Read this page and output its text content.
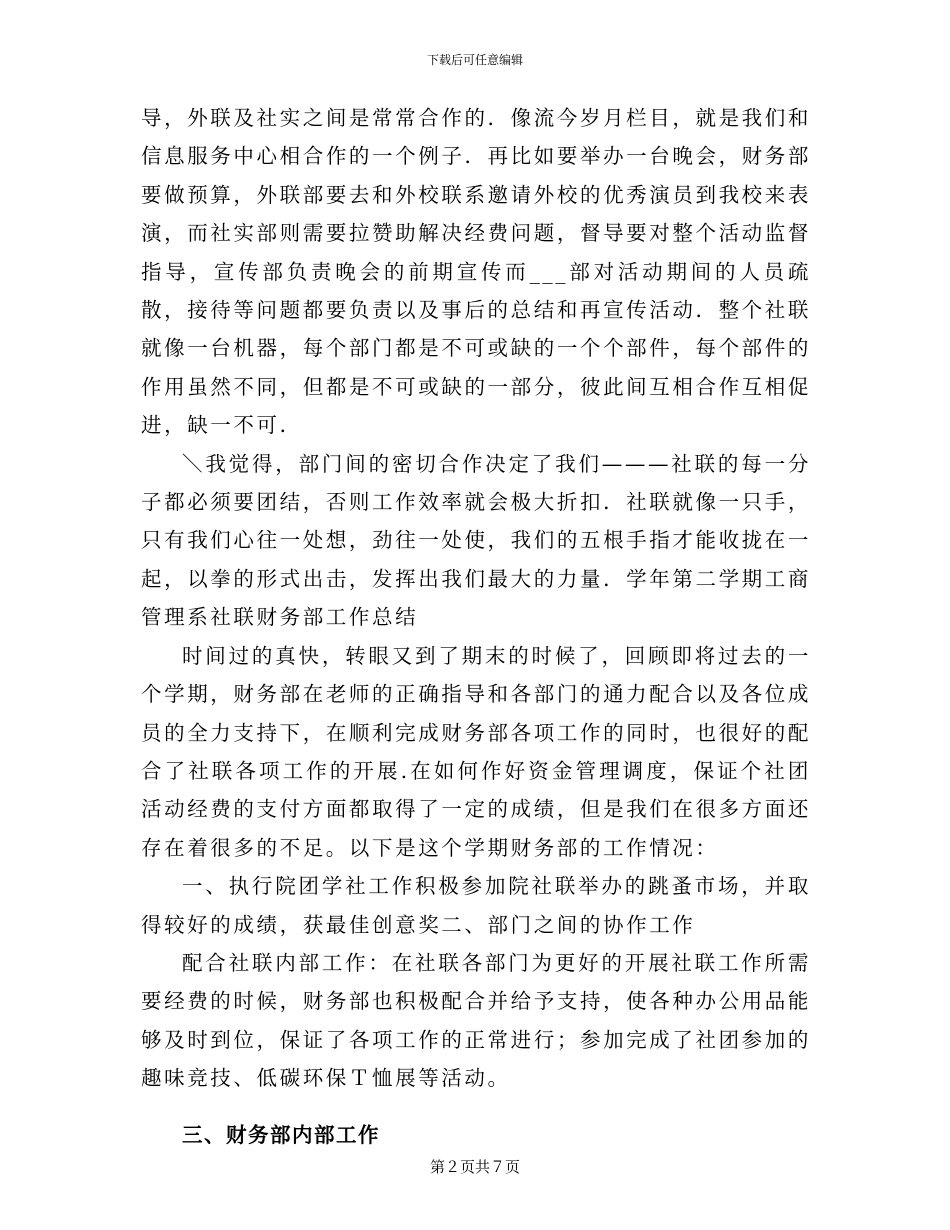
下载后可任意编辑

导，外联及社实之间是常常合作的．像流今岁月栏目，就是我们和信息服务中心相合作的一个例子．再比如要举办一台晚会，财务部要做预算，外联部要去和外校联系邀请外校的优秀演员到我校来表演，而社实部则需要拉赞助解决经费问题，督导要对整个活动监督指导，宣传部负责晚会的前期宣传而___部对活动期间的人员疏散，接待等问题都要负责以及事后的总结和再宣传活动．整个社联就像一台机器，每个部门都是不可或缺的一个个部件，每个部件的作用虽然不同，但都是不可或缺的一部分，彼此间互相合作互相促进，缺一不可．

＼我觉得，部门间的密切合作决定了我们———社联的每一分子都必须要团结，否则工作效率就会极大折扣．社联就像一只手，只有我们心往一处想，劲往一处使，我们的五根手指才能收拢在一起，以拳的形式出击，发挥出我们最大的力量．学年第二学期工商管理系社联财务部工作总结

时间过的真快，转眼又到了期末的时候了，回顾即将过去的一个学期，财务部在老师的正确指导和各部门的通力配合以及各位成员的全力支持下，在顺利完成财务部各项工作的同时，也很好的配合了社联各项工作的开展.在如何作好资金管理调度，保证个社团活动经费的支付方面都取得了一定的成绩，但是我们在很多方面还存在着很多的不足。以下是这个学期财务部的工作情况：

一、执行院团学社工作积极参加院社联举办的跳蚤市场，并取得较好的成绩，获最佳创意奖二、部门之间的协作工作

配合社联内部工作：在社联各部门为更好的开展社联工作所需要经费的时候，财务部也积极配合并给予支持，使各种办公用品能够及时到位，保证了各项工作的正常进行；参加完成了社团参加的趣味竞技、低碳环保Ｔ恤展等活动。

三、财务部内部工作

第２页共７页
